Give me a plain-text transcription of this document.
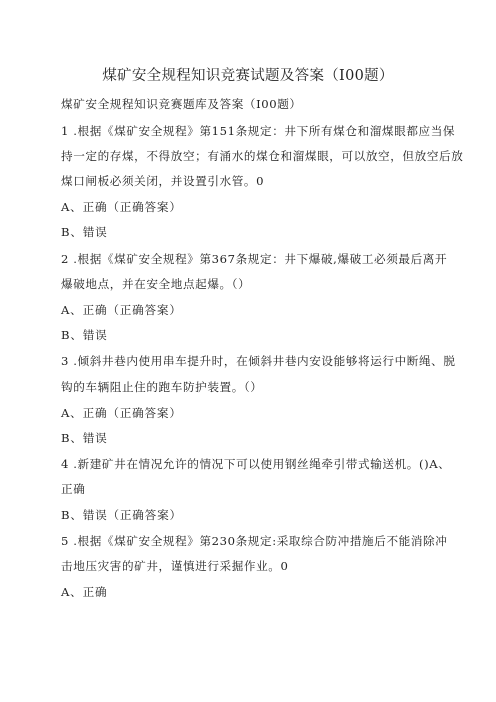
煤矿安全规程知识竞赛试题及答案（I00题）
煤矿安全规程知识竞赛题库及答案（I00题）
1 .根据《煤矿安全规程》第151条规定：井下所有煤仓和溜煤眼都应当保
持一定的存煤，不得放空；有涌水的煤仓和溜煤眼，可以放空，但放空后放
煤口闸板必须关闭，并设置引水管。0
A、正确（正确答案）
B、错误
2 .根据《煤矿安全规程》第367条规定：井下爆破,爆破工必须最后离开
爆破地点，并在安全地点起爆。（）
A、正确（正确答案）
B、错误
3 .倾斜井巷内使用串车提升时，在倾斜井巷内安设能够将运行中断绳、脱
钩的车辆阻止住的跑车防护装置。（）
A、正确（正确答案）
B、错误
4 .新建矿井在情况允许的情况下可以使用钢丝绳牵引带式输送机。()A、
正确
B、错误（正确答案）
5 .根据《煤矿安全规程》第230条规定:采取综合防冲措施后不能消除冲
击地压灾害的矿井，谨慎进行采掘作业。0
A、正确
